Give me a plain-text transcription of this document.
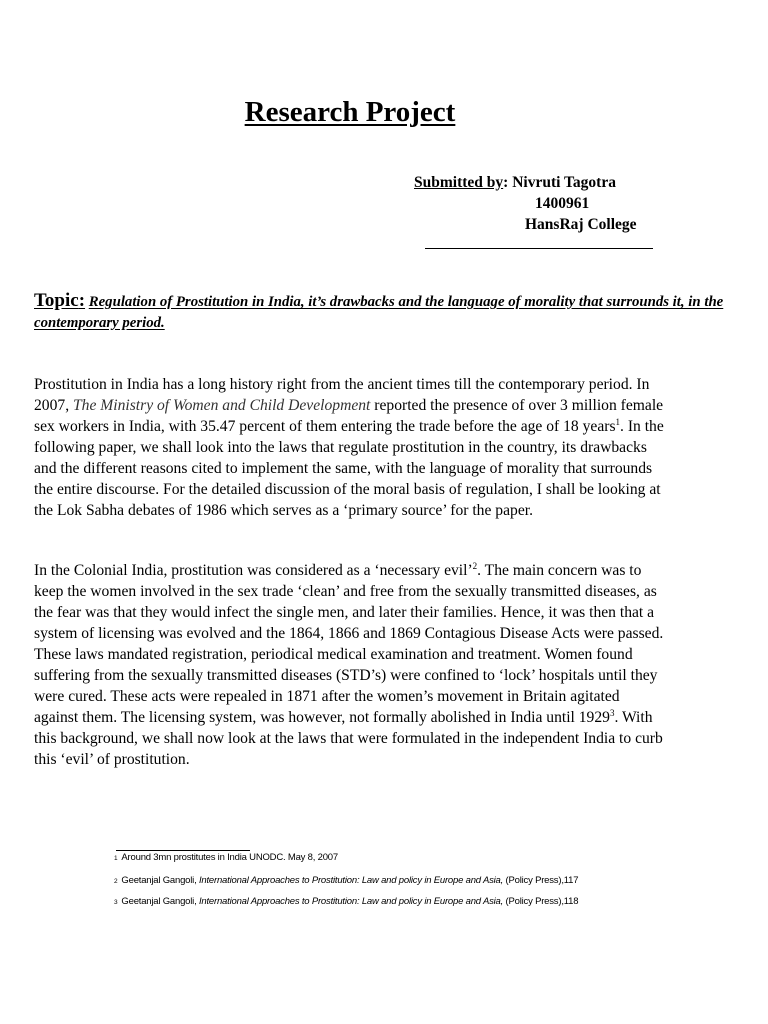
Research Project
Submitted by: Nivruti Tagotra
1400961
HansRaj College
Topic: Regulation of Prostitution in India, it’s drawbacks and the language of morality that surrounds it, in the contemporary period.

Prostitution in India has a long history right from the ancient times till the contemporary period. In 2007, The Ministry of Women and Child Development reported the presence of over 3 million female sex workers in India, with 35.47 percent of them entering the trade before the age of 18 years$^1$. In the following paper, we shall look into the laws that regulate prostitution in the country, its drawbacks and the different reasons cited to implement the same, with the language of morality that surrounds the entire discourse. For the detailed discussion of the moral basis of regulation, I shall be looking at the Lok Sabha debates of 1986 which serves as a ‘primary source’ for the paper.

In the Colonial India, prostitution was considered as a ‘necessary evil’$^2$. The main concern was to keep the women involved in the sex trade ‘clean’ and free from the sexually transmitted diseases, as the fear was that they would infect the single men, and later their families. Hence, it was then that a system of licensing was evolved and the 1864, 1866 and 1869 Contagious Disease Acts were passed. These laws mandated registration, periodical medical examination and treatment. Women found suffering from the sexually transmitted diseases (STD’s) were confined to ‘lock’ hospitals until they were cured. These acts were repealed in 1871 after the women’s movement in Britain agitated against them. The licensing system, was however, not formally abolished in India until 1929$^3$. With this background, we shall now look at the laws that were formulated in the independent India to curb this ‘evil’ of prostitution.

1 Around 3mn prostitutes in India UNODC. May 8, 2007
2 Geetanjal Gangoli, International Approaches to Prostitution: Law and policy in Europe and Asia, (Policy Press),117
3 Geetanjal Gangoli, International Approaches to Prostitution: Law and policy in Europe and Asia, (Policy Press),118
